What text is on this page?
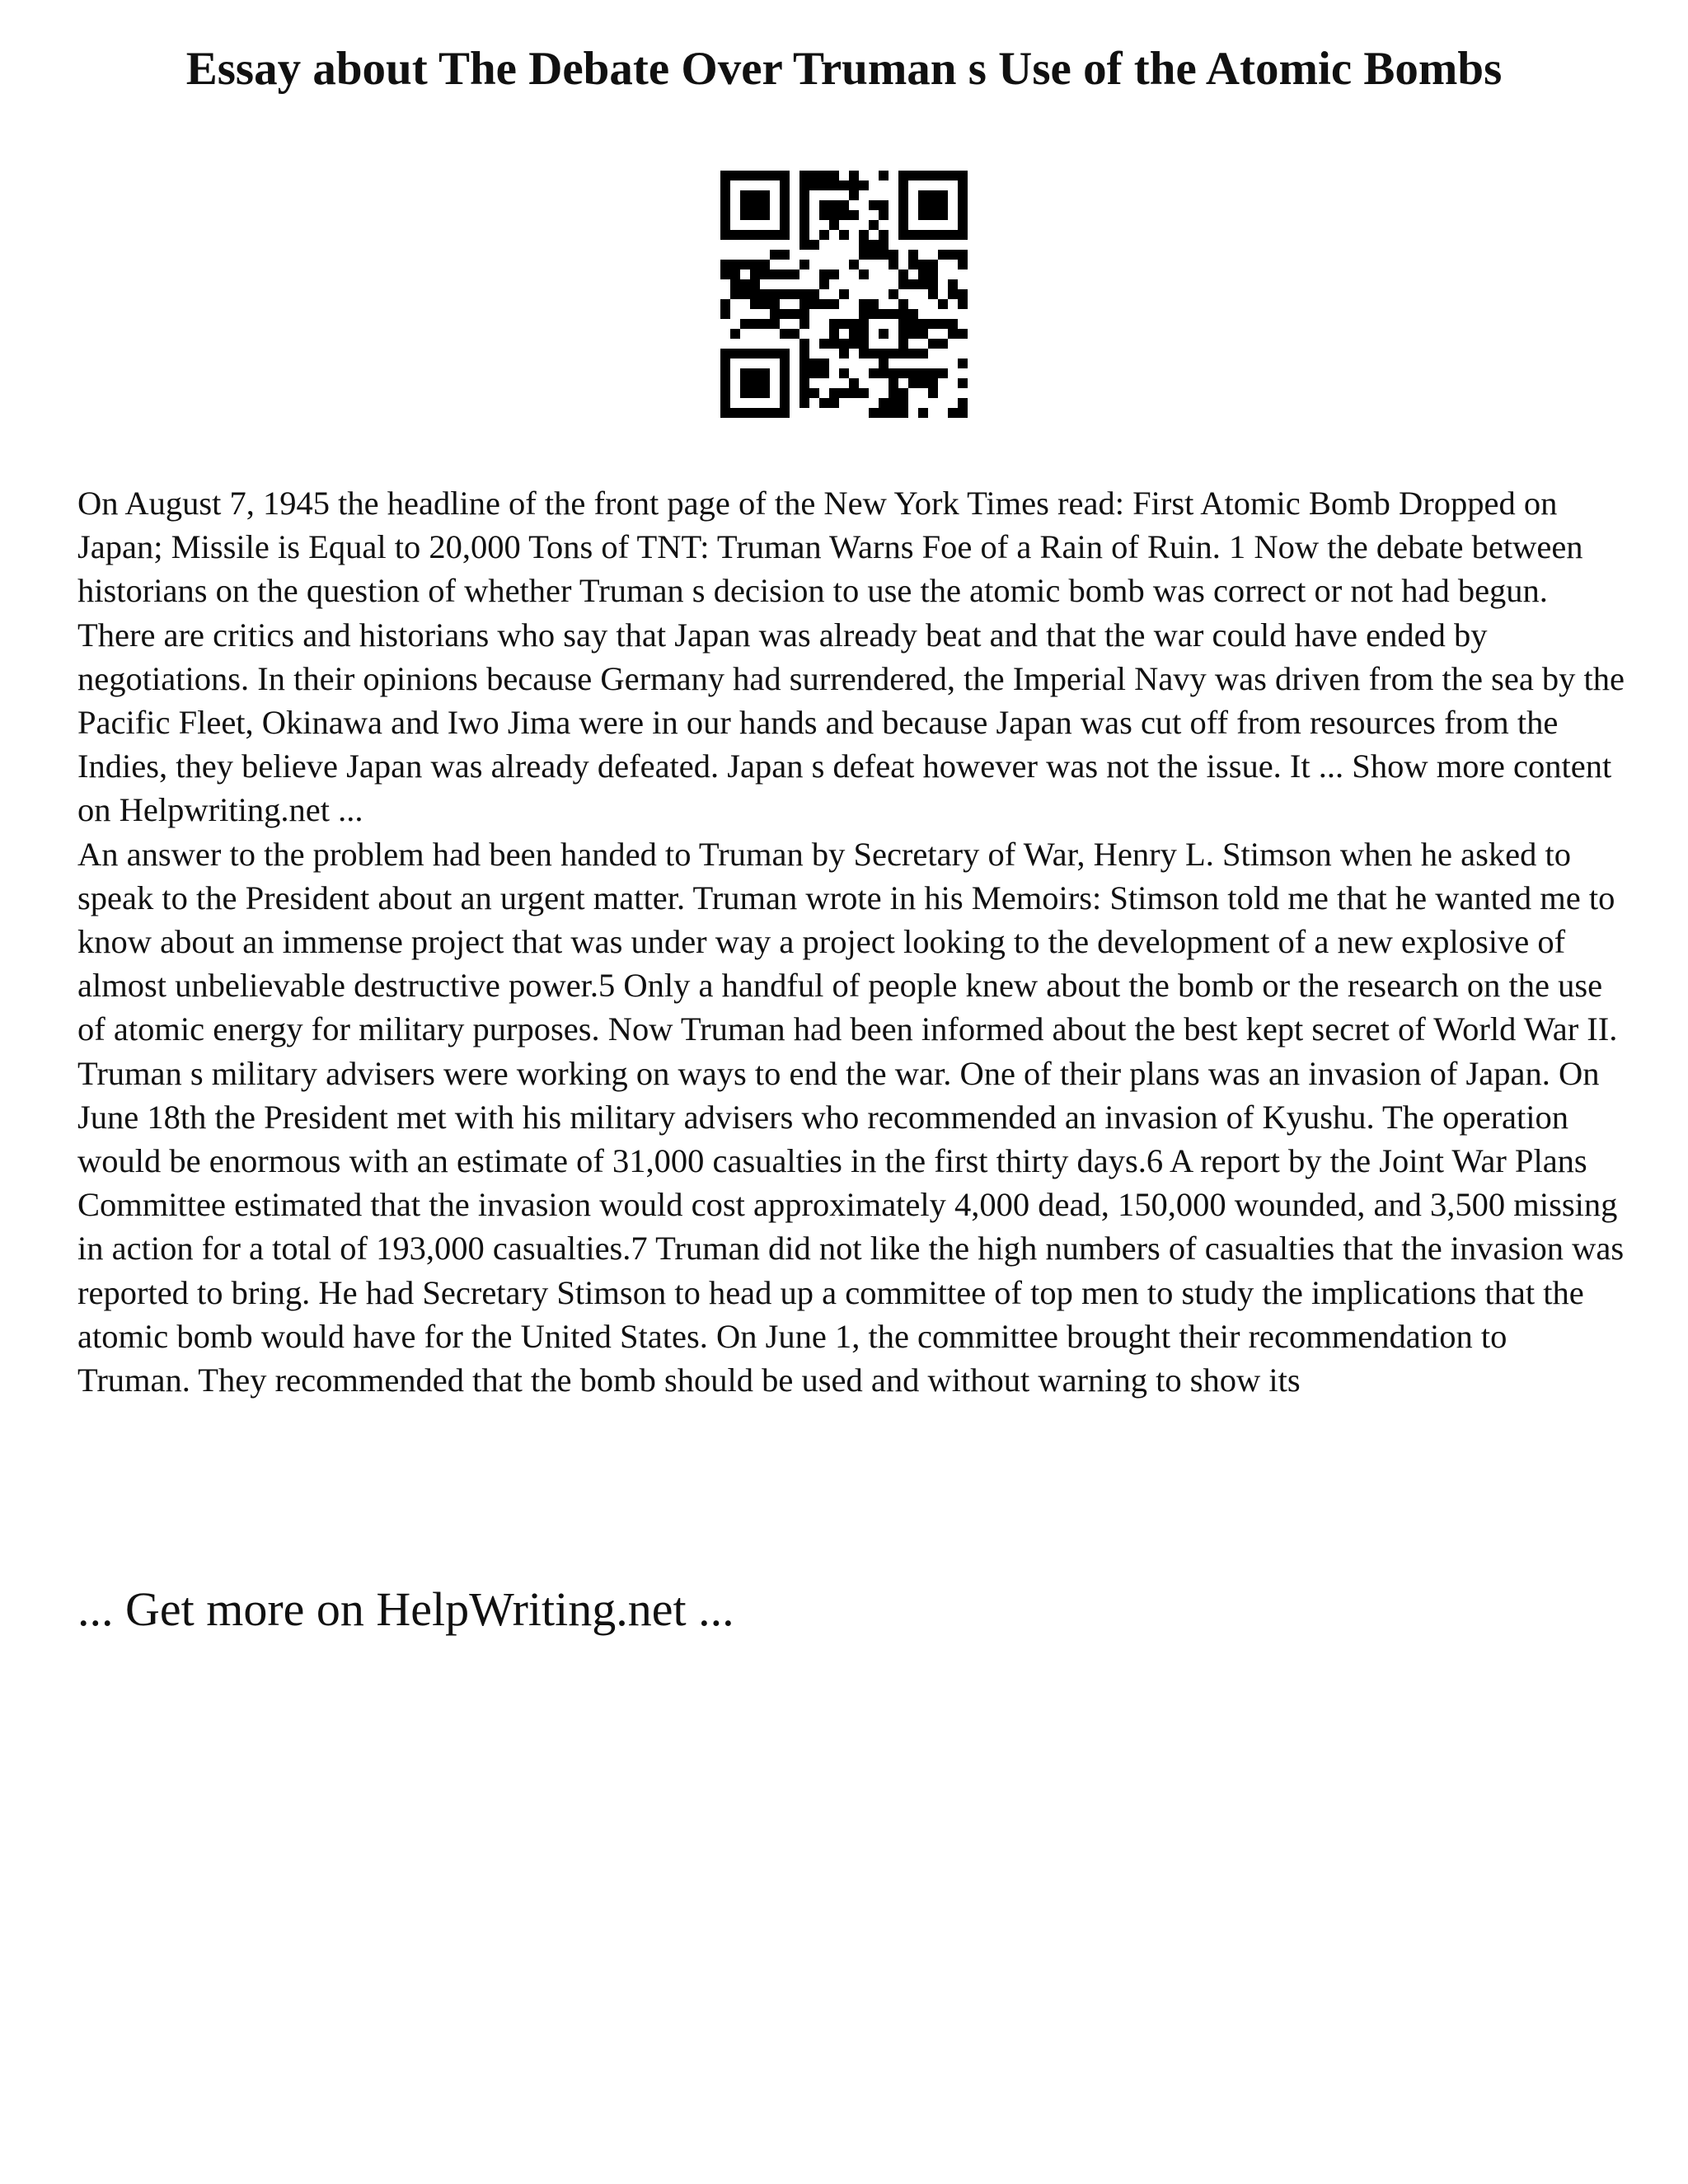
Essay about The Debate Over Truman s Use of the Atomic Bombs

On August 7, 1945 the headline of the front page of the New York Times read: First Atomic Bomb Dropped on Japan; Missile is Equal to 20,000 Tons of TNT: Truman Warns Foe of a Rain of Ruin. 1 Now the debate between historians on the question of whether Truman s decision to use the atomic bomb was correct or not had begun. There are critics and historians who say that Japan was already beat and that the war could have ended by negotiations. In their opinions because Germany had surrendered, the Imperial Navy was driven from the sea by the Pacific Fleet, Okinawa and Iwo Jima were in our hands and because Japan was cut off from resources from the Indies, they believe Japan was already defeated. Japan s defeat however was not the issue. It ... Show more content on Helpwriting.net ...

An answer to the problem had been handed to Truman by Secretary of War, Henry L. Stimson when he asked to speak to the President about an urgent matter. Truman wrote in his Memoirs: Stimson told me that he wanted me to know about an immense project that was under way a project looking to the development of a new explosive of almost unbelievable destructive power.5 Only a handful of people knew about the bomb or the research on the use of atomic energy for military purposes. Now Truman had been informed about the best kept secret of World War II. Truman s military advisers were working on ways to end the war. One of their plans was an invasion of Japan. On June 18th the President met with his military advisers who recommended an invasion of Kyushu. The operation would be enormous with an estimate of 31,000 casualties in the first thirty days.6 A report by the Joint War Plans Committee estimated that the invasion would cost approximately 4,000 dead, 150,000 wounded, and 3,500 missing in action for a total of 193,000 casualties.7 Truman did not like the high numbers of casualties that the invasion was reported to bring. He had Secretary Stimson to head up a committee of top men to study the implications that the atomic bomb would have for the United States. On June 1, the committee brought their recommendation to Truman. They recommended that the bomb should be used and without warning to show its

... Get more on HelpWriting.net ...
